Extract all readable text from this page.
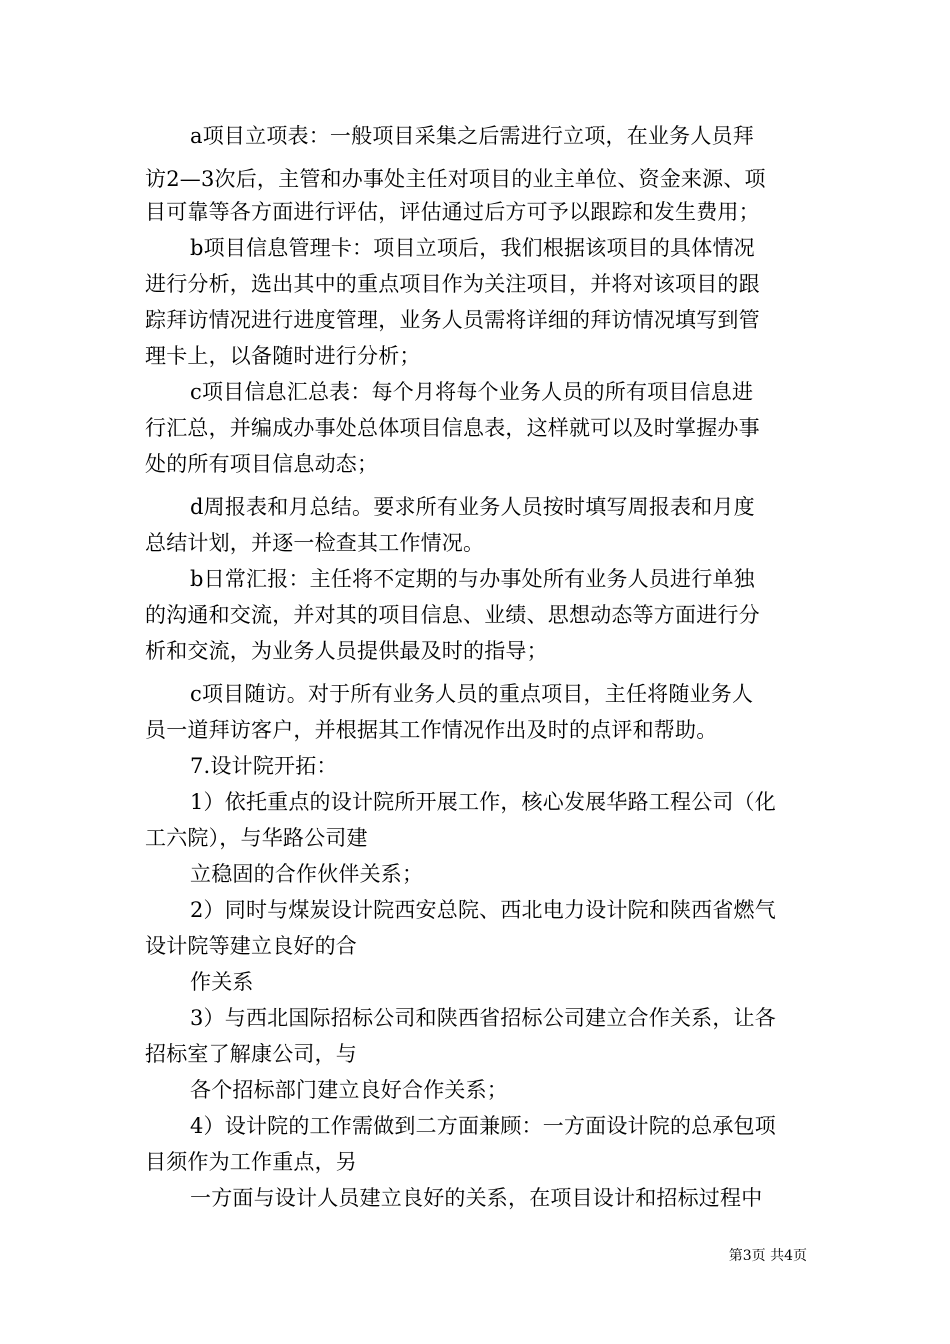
a项目立项表：一般项目采集之后需进行立项，在业务人员拜
访2—3次后，主管和办事处主任对项目的业主单位、资金来源、项
目可靠等各方面进行评估，评估通过后方可予以跟踪和发生费用；
b项目信息管理卡：项目立项后，我们根据该项目的具体情况
进行分析，选出其中的重点项目作为关注项目，并将对该项目的跟
踪拜访情况进行进度管理，业务人员需将详细的拜访情况填写到管
理卡上，以备随时进行分析；
c项目信息汇总表：每个月将每个业务人员的所有项目信息进
行汇总，并编成办事处总体项目信息表，这样就可以及时掌握办事
处的所有项目信息动态；
d周报表和月总结。要求所有业务人员按时填写周报表和月度
总结计划，并逐一检查其工作情况。
b日常汇报：主任将不定期的与办事处所有业务人员进行单独
的沟通和交流，并对其的项目信息、业绩、思想动态等方面进行分
析和交流，为业务人员提供最及时的指导；
c项目随访。对于所有业务人员的重点项目，主任将随业务人
员一道拜访客户，并根据其工作情况作出及时的点评和帮助。
7.设计院开拓：
1）依托重点的设计院所开展工作，核心发展华路工程公司（化
工六院），与华路公司建
立稳固的合作伙伴关系；
2）同时与煤炭设计院西安总院、西北电力设计院和陕西省燃气
设计院等建立良好的合
作关系
3）与西北国际招标公司和陕西省招标公司建立合作关系，让各
招标室了解康公司，与
各个招标部门建立良好合作关系；
4）设计院的工作需做到二方面兼顾：一方面设计院的总承包项
目须作为工作重点，另
一方面与设计人员建立良好的关系，在项目设计和招标过程中
第3页 共4页
